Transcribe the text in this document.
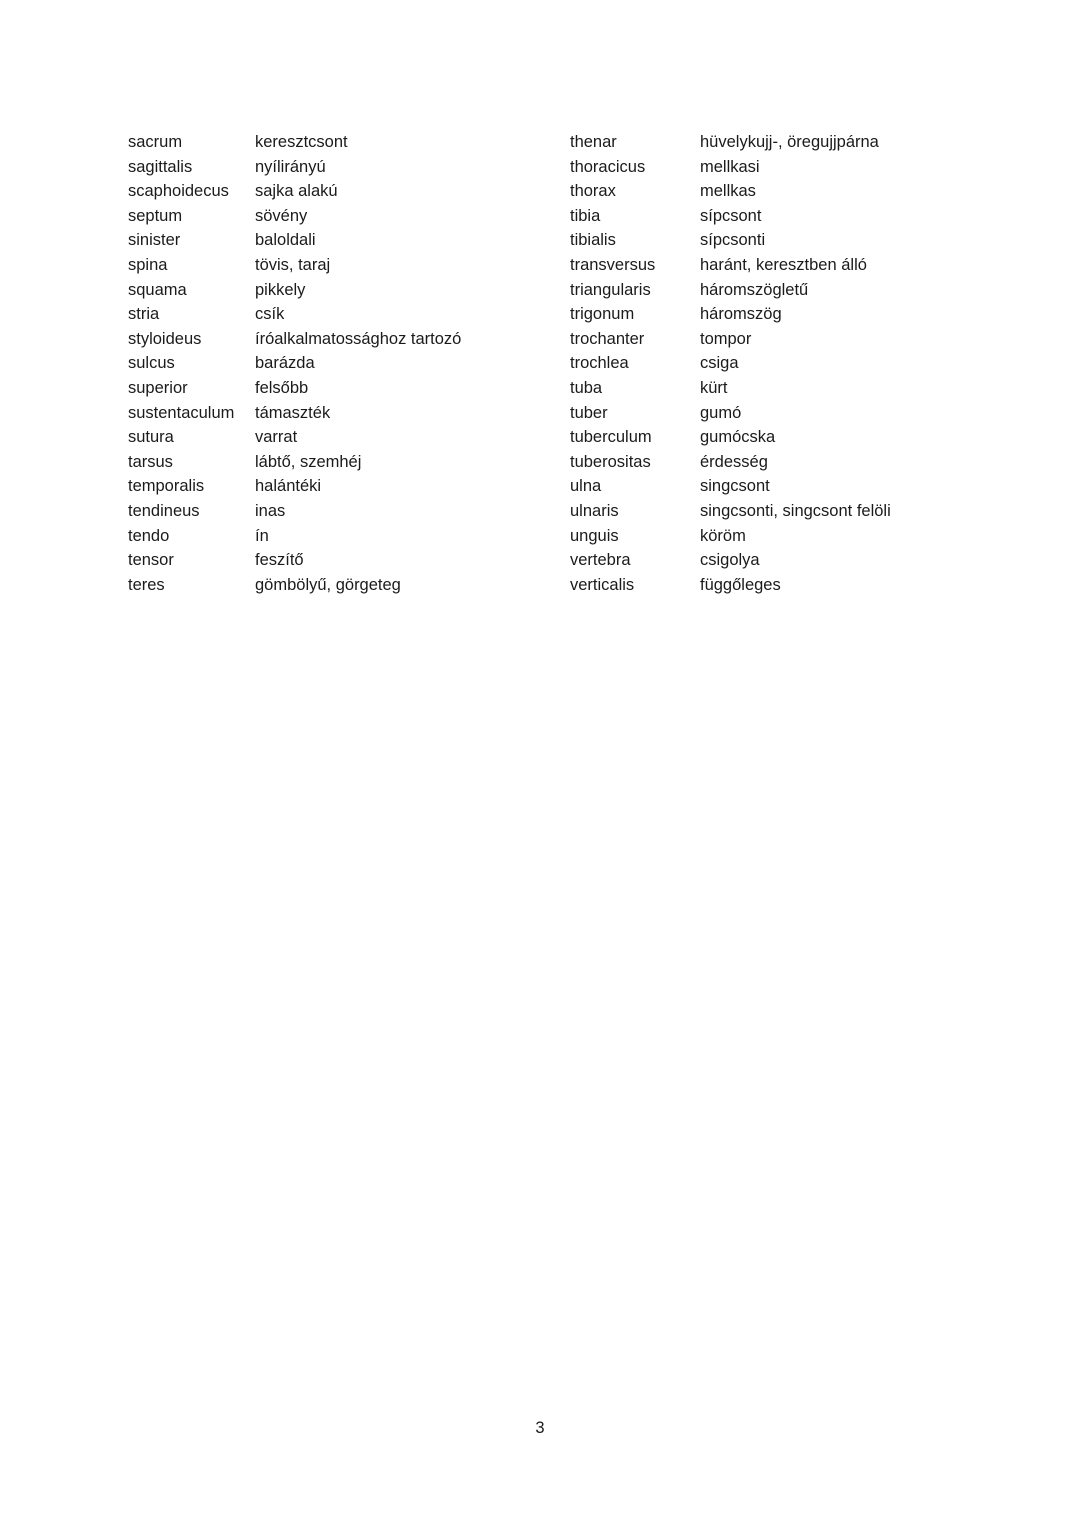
sacrum	keresztcsont
sagittalis	nyílirányú
scaphoidecus	sajka alakú
septum	sövény
sinister	baloldali
spina	tövis, taraj
squama	pikkely
stria	csík
styloideus	íróalkalmatossághoz tartozó
sulcus	barázda
superior	felsőbb
sustentaculum	támaszték
sutura	varrat
tarsus	lábtő, szemhéj
temporalis	halántéki
tendineus	inas
tendo	ín
tensor	feszítő
teres	gömbölyű, görgeteg
thenar	hüvelykujj-, öregujjpárna
thoracicus	mellkasi
thorax	mellkas
tibia	sípcsont
tibialis	sípcsonti
transversus	haránt, keresztben álló
triangularis	háromszögletű
trigonum	háromszög
trochanter	tompor
trochlea	csiga
tuba	kürt
tuber	gumó
tuberculum	gumócska
tuberositas	érdesség
ulna	singcsont
ulnaris	singcsonti, singcsont felöli
unguis	köröm
vertebra	csigolya
verticalis	függőleges
3
